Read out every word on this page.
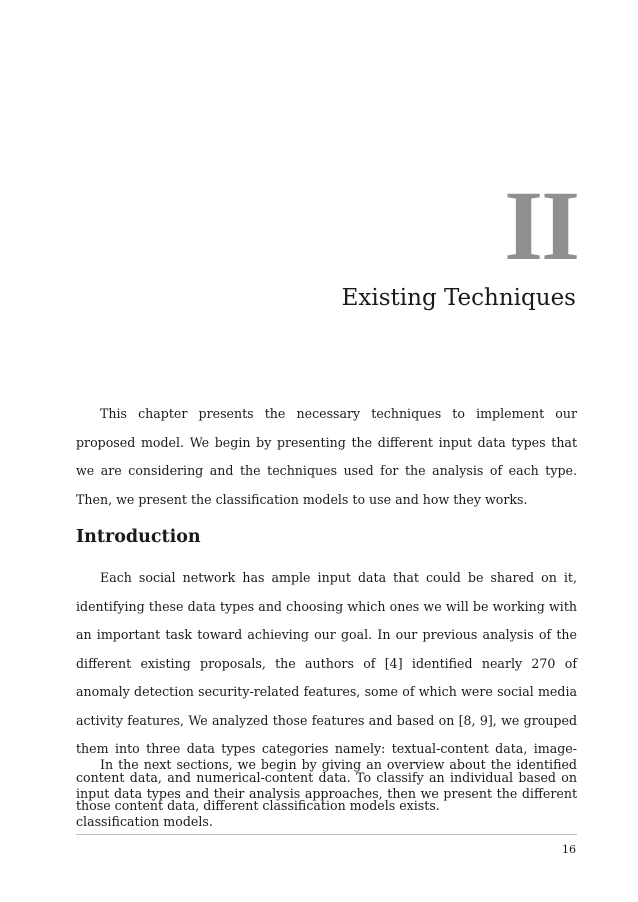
II
Existing Techniques

This chapter presents the necessary techniques to implement our proposed model. We begin by presenting the different input data types that we are considering and the techniques used for the analysis of each type. Then, we present the classification models to use and how they works.

Introduction

Each social network has ample input data that could be shared on it, identifying these data types and choosing which ones we will be working with an important task toward achieving our goal. In our previous analysis of the different existing proposals, the authors of [4] identified nearly 270 of anomaly detection security-related features, some of which were social media activity features, We analyzed those features and based on [8, 9], we grouped them into three data types categories namely: textual-content data, image-content data, and numerical-content data. To classify an individual based on those content data, different classification models exists.

In the next sections, we begin by giving an overview about the identified input data types and their analysis approaches, then we present the different classification models.

16
